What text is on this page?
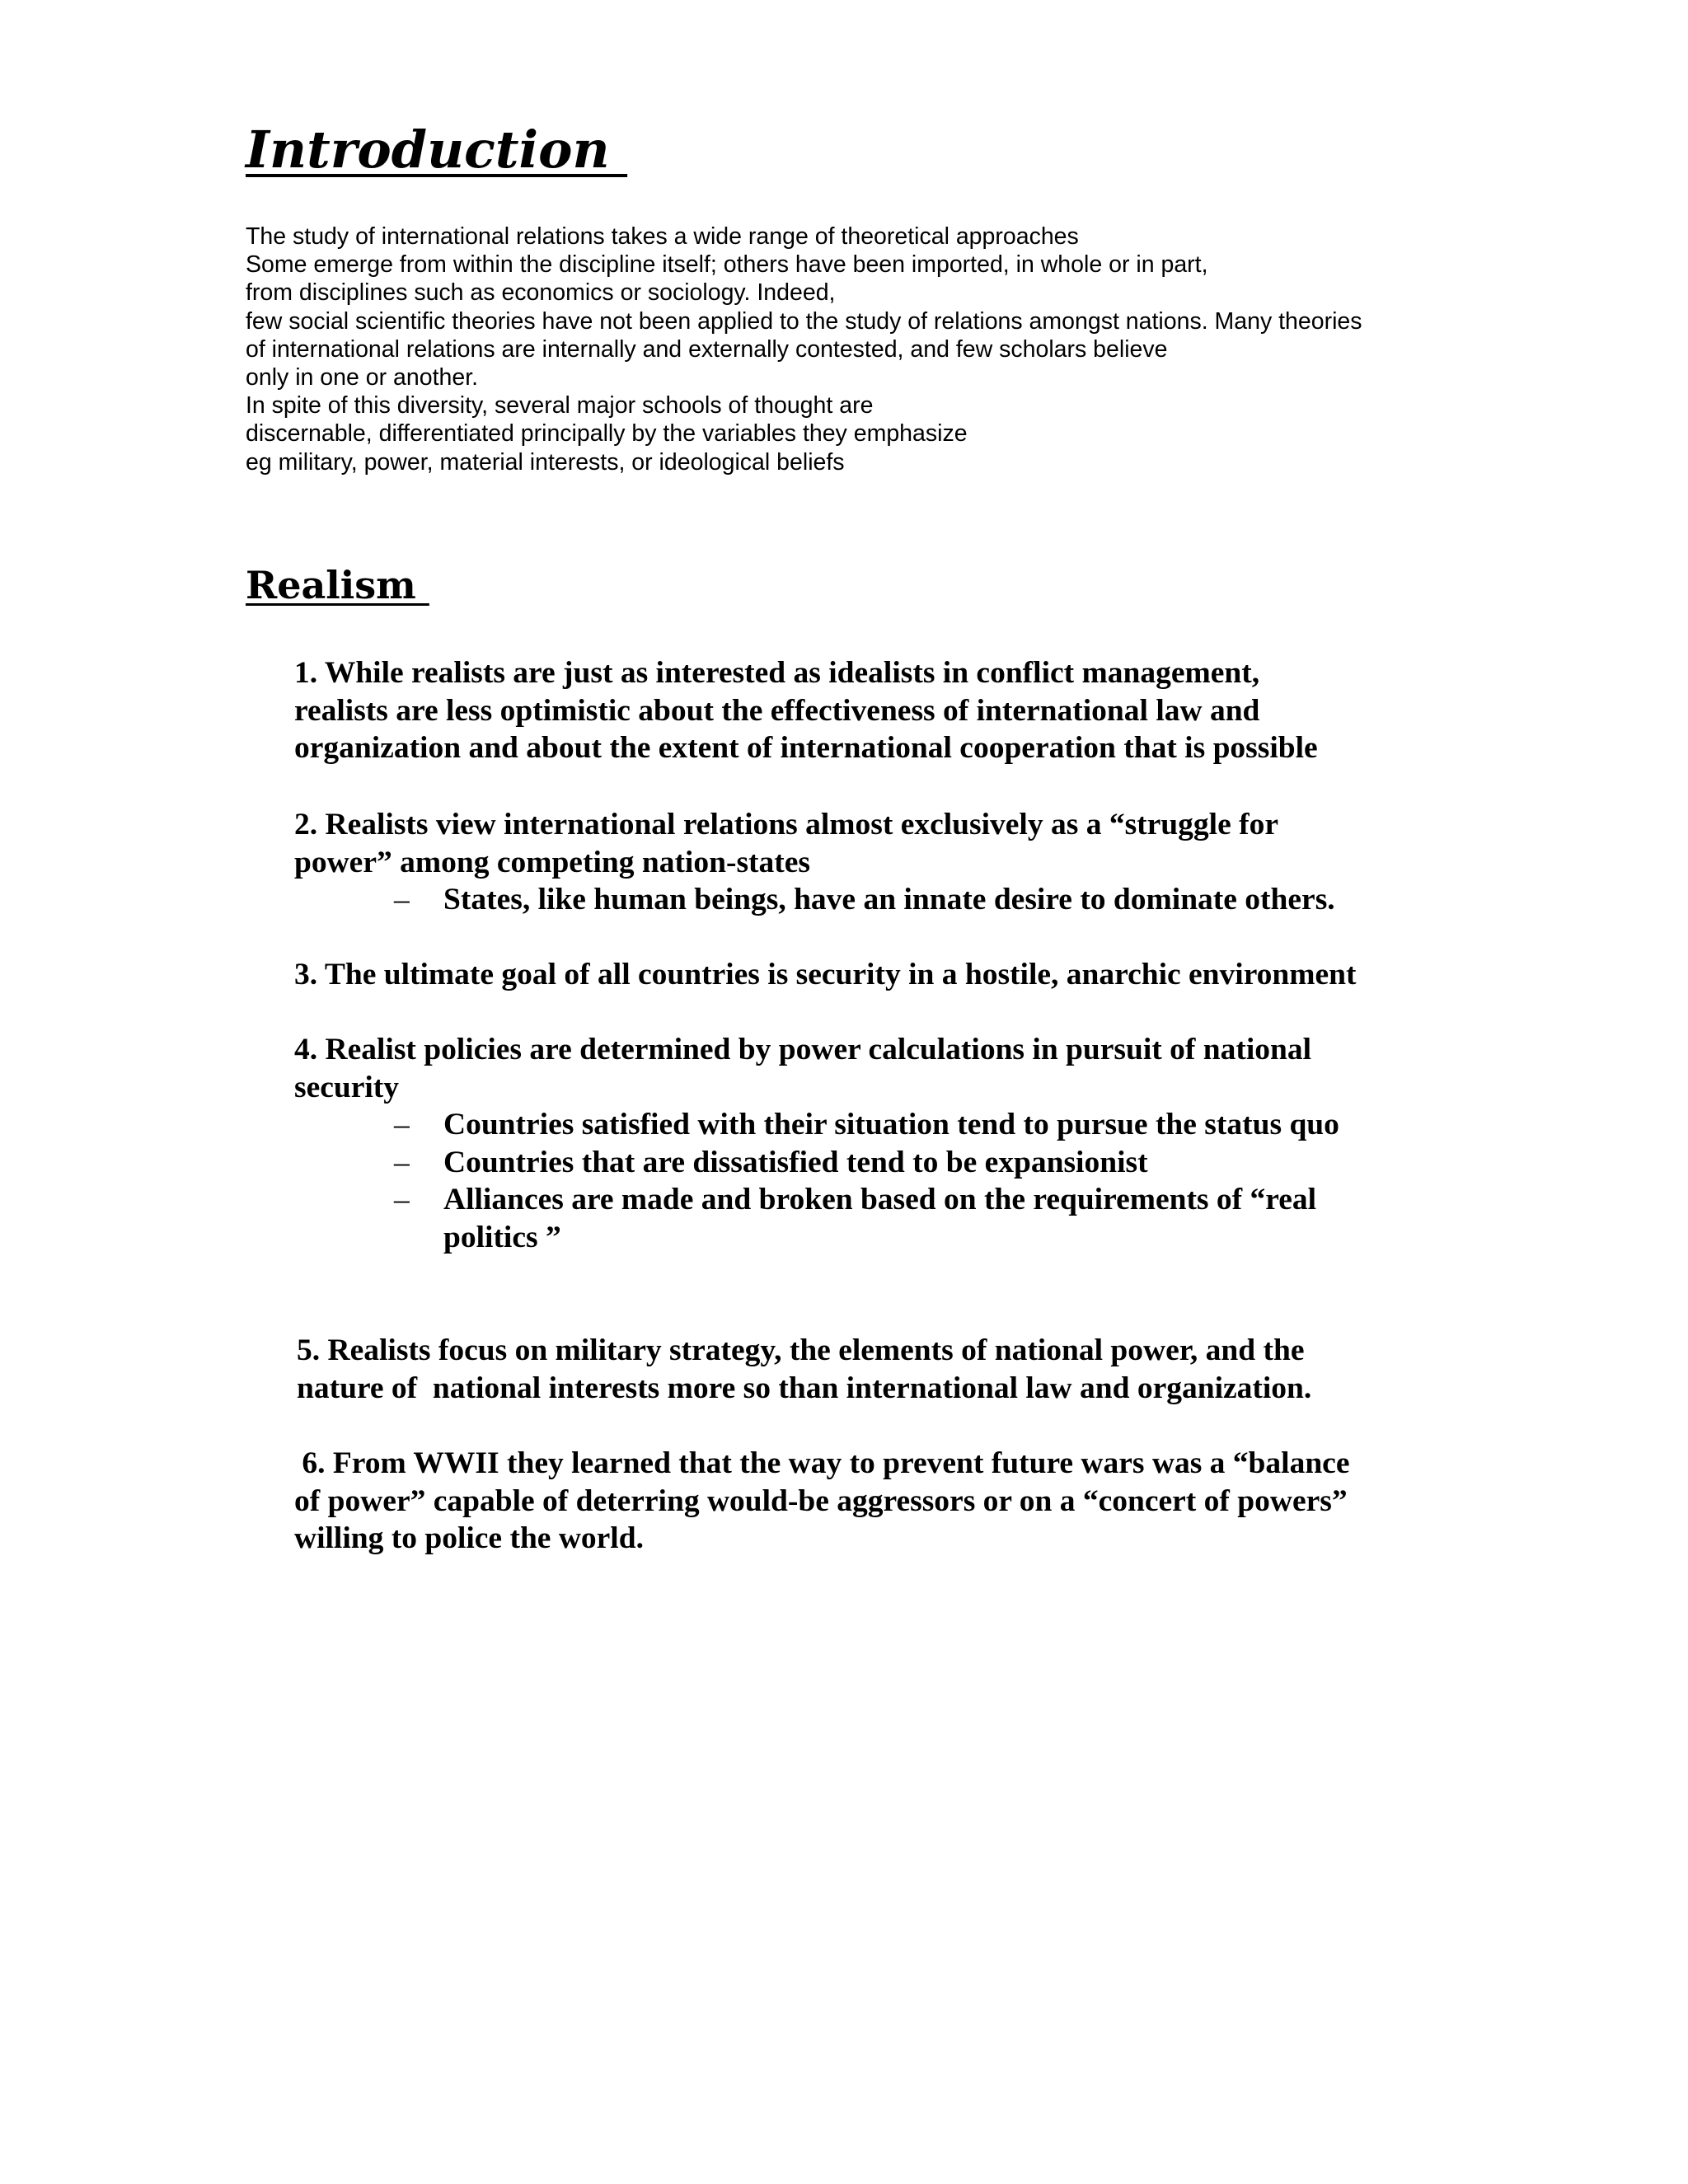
Introduction
The study of international relations takes a wide range of theoretical approaches
Some emerge from within the discipline itself; others have been imported, in whole or in part,
from disciplines such as economics or sociology. Indeed,
few social scientific theories have not been applied to the study of relations amongst nations. Many theories
of international relations are internally and externally contested, and few scholars believe
only in one or another.
In spite of this diversity, several major schools of thought are
discernable, differentiated principally by the variables they emphasize
eg military, power, material interests, or ideological beliefs
Realism

1. While realists are just as interested as idealists in conflict management,
realists are less optimistic about the effectiveness of international law and
organization and about the extent of international cooperation that is possible

2. Realists view international relations almost exclusively as a “struggle for
power” among competing nation-states

– States, like human beings, have an innate desire to dominate others.

3. The ultimate goal of all countries is security in a hostile, anarchic environment

4. Realist policies are determined by power calculations in pursuit of national
security

– Countries satisfied with their situation tend to pursue the status quo
– Countries that are dissatisfied tend to be expansionist
– Alliances are made and broken based on the requirements of “real
politics ”

5. Realists focus on military strategy, the elements of national power, and the
nature of  national interests more so than international law and organization.

6. From WWII they learned that the way to prevent future wars was a “balance
of power” capable of deterring would-be aggressors or on a “concert of powers”
willing to police the world.
